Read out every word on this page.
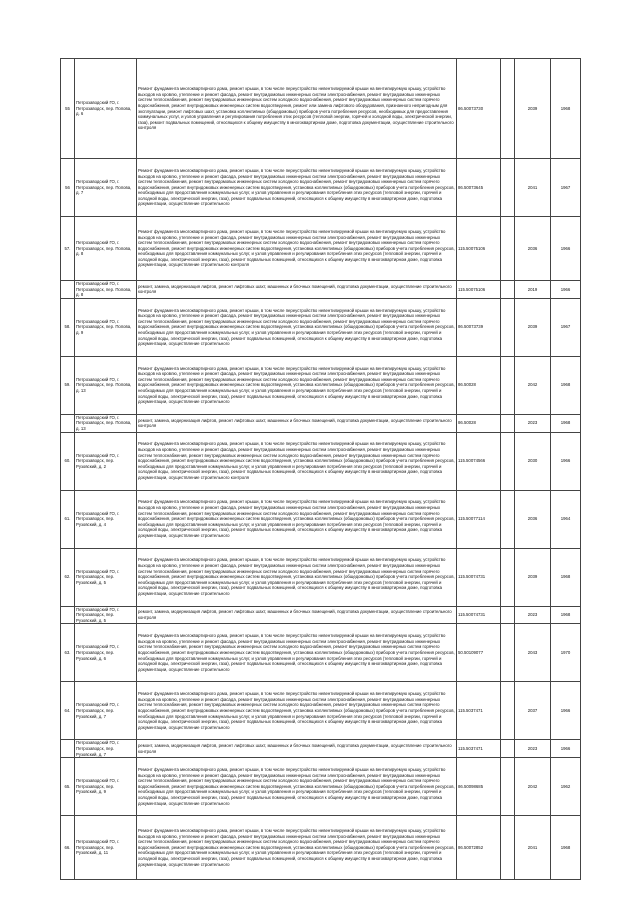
55	Петрозаводский ГО, г. Петрозаводск, пер. Попова, д. 6	Ремонт фундамента многоквартирного дома, ремонт крыши, в том числе переустройство невентилируемой крыши на вентилируемую крышу, устройство выходов на кровлю, утепление и ремонт фасада, ремонт внутридомовых инженерных систем электроснабжения, ремонт внутридомовых инженерных систем теплоснабжения, ремонт внутридомовых инженерных систем холодного водоснабжения, ремонт внутридомовых инженерных систем горячего водоснабжения, ремонт внутридомовых инженерных систем водоотведения, ремонт или замена лифтового оборудования, признанного непригодным для эксплуатации, ремонт лифтовых шахт, установка коллективных (общедомовых) приборов учета потребления ресурсов, необходимых для предоставления коммунальных услуг, и узлов управления и регулирования потребления этих ресурсов (тепловой энергии, горячей и холодной воды, электрической энергии, газа), ремонт подвальных помещений, относящихся к общему имуществу в многоквартирном доме, подготовка документации, осуществление строительного контроля	86.50073730		2039	1968
56	Петрозаводский ГО, г. Петрозаводск, пер. Попова, д. 7	Ремонт фундамента многоквартирного дома, ремонт крыши, в том числе переустройство невентилируемой крыши на вентилируемую крышу, устройство выходов на кровлю, утепление и ремонт фасада, ремонт внутридомовых инженерных систем электроснабжения, ремонт внутридомовых инженерных систем теплоснабжения, ремонт внутридомовых инженерных систем холодного водоснабжения, ремонт внутридомовых инженерных систем горячего водоснабжения, ремонт внутридомовых инженерных систем водоотведения, установка коллективных (общедомовых) приборов учета потребления ресурсов, необходимых для предоставления коммунальных услуг, и узлов управления и регулирования потребления этих ресурсов (тепловой энергии, горячей и холодной воды, электрической энергии, газа), ремонт подвальных помещений, относящихся к общему имуществу в многоквартирном доме, подготовка документации, осуществление строительного	86.50073645		2041	1967
57.	Петрозаводский ГО, г. Петрозаводск, пер. Попова, д. 8	Ремонт фундамента многоквартирного дома, ремонт крыши, в том числе переустройство невентилируемой крыши на вентилируемую крышу, устройство выходов на кровлю, утепление и ремонт фасада, ремонт внутридомовых инженерных систем электроснабжения, ремонт внутридомовых инженерных систем теплоснабжения, ремонт внутридомовых инженерных систем холодного водоснабжения, ремонт внутридомовых инженерных систем горячего водоснабжения, ремонт внутридомовых инженерных систем водоотведения, установка коллективных (общедомовых) приборов учета потребления ресурсов, необходимых для предоставления коммунальных услуг, и узлов управления и регулирования потребления этих ресурсов (тепловой энергии, горячей и холодной воды, электрической энергии, газа), ремонт подвальных помещений, относящихся к общему имуществу в многоквартирном доме, подготовка документации, осуществление строительного контроля	115.50075106		2036	1966
	Петрозаводский ГО, г. Петрозаводск, пер. Попова, д. 8	ремонт, замена, модернизация лифтов, ремонт лифтовых шахт, машинных и блочных помещений, подготовка документации, осуществление строительного контроля	115.50075106		2019	1966
58.	Петрозаводский ГО, г. Петрозаводск, пер. Попова, д. 9	Ремонт фундамента многоквартирного дома, ремонт крыши, в том числе переустройство невентилируемой крыши на вентилируемую крышу, устройство выходов на кровлю, утепление и ремонт фасада, ремонт внутридомовых инженерных систем электроснабжения, ремонт внутридомовых инженерных систем теплоснабжения, ремонт внутридомовых инженерных систем холодного водоснабжения, ремонт внутридомовых инженерных систем горячего водоснабжения, ремонт внутридомовых инженерных систем водоотведения, установка коллективных (общедомовых) приборов учета потребления ресурсов, необходимых для предоставления коммунальных услуг, и узлов управления и регулирования потребления этих ресурсов (тепловой энергии, горячей и холодной воды, электрической энергии, газа), ремонт подвальных помещений, относящихся к общему имуществу в многоквартирном доме, подготовка документации, осуществление строительного	86.50073739		2039	1967
59.	Петрозаводский ГО, г. Петрозаводск, пер. Попова, д. 13	Ремонт фундамента многоквартирного дома, ремонт крыши, в том числе переустройство невентилируемой крыши на вентилируемую крышу, устройство выходов на кровлю, утепление и ремонт фасада, ремонт внутридомовых инженерных систем электроснабжения, ремонт внутридомовых инженерных систем теплоснабжения, ремонт внутридомовых инженерных систем холодного водоснабжения, ремонт внутридомовых инженерных систем горячего водоснабжения, ремонт внутридомовых инженерных систем водоотведения, установка коллективных (общедомовых) приборов учета потребления ресурсов, необходимых для предоставления коммунальных услуг, и узлов управления и регулирования потребления этих ресурсов (тепловой энергии, горячей и холодной воды, электрической энергии, газа), ремонт подвальных помещений, относящихся к общему имуществу в многоквартирном доме, подготовка документации, осуществление строительного	86.50028		2042	1968
	Петрозаводский ГО, г. Петрозаводск, пер. Попова, д. 13	ремонт, замена, модернизация лифтов, ремонт лифтовых шахт, машинных и блочных помещений, подготовка документации, осуществление строительного контроля	86.50028		2023	1968
60.	Петрозаводский ГО, г. Петрозаводск, пер. Рузовский, д. 2	Ремонт фундамента многоквартирного дома, ремонт крыши, в том числе переустройство невентилируемой крыши на вентилируемую крышу, устройство выходов на кровлю, утепление и ремонт фасада, ремонт внутридомовых инженерных систем электроснабжения, ремонт внутридомовых инженерных систем теплоснабжения, ремонт внутридомовых инженерных систем холодного водоснабжения, ремонт внутридомовых инженерных систем горячего водоснабжения, ремонт внутридомовых инженерных систем водоотведения, установка коллективных (общедомовых) приборов учета потребления ресурсов, необходимых для предоставления коммунальных услуг, и узлов управления и регулирования потребления этих ресурсов (тепловой энергии, горячей и холодной воды, электрической энергии, газа), ремонт подвальных помещений, относящихся к общему имуществу в многоквартирном доме, подготовка документации, осуществление строительного контроля	115.50074566		2030	1966
61.	Петрозаводский ГО, г. Петрозаводск, пер. Рузовский, д. 4	Ремонт фундамента многоквартирного дома, ремонт крыши, в том числе переустройство невентилируемой крыши на вентилируемую крышу, устройство выходов на кровлю, утепление и ремонт фасада, ремонт внутридомовых инженерных систем электроснабжения, ремонт внутридомовых инженерных систем теплоснабжения, ремонт внутридомовых инженерных систем холодного водоснабжения, ремонт внутридомовых инженерных систем горячего водоснабжения, ремонт внутридомовых инженерных систем водоотведения, установка коллективных (общедомовых) приборов учета потребления ресурсов, необходимых для предоставления коммунальных услуг, и узлов управления и регулирования потребления этих ресурсов (тепловой энергии, горячей и холодной воды, электрической энергии, газа), ремонт подвальных помещений, относящихся к общему имуществу в многоквартирном доме, подготовка документации, осуществление строительного	115.50077114		2036	1964
62.	Петрозаводский ГО, г. Петрозаводск, пер. Рузовский, д. 5	Ремонт фундамента многоквартирного дома, ремонт крыши, в том числе переустройство невентилируемой крыши на вентилируемую крышу, устройство выходов на кровлю, утепление и ремонт фасада, ремонт внутридомовых инженерных систем электроснабжения, ремонт внутридомовых инженерных систем теплоснабжения, ремонт внутридомовых инженерных систем холодного водоснабжения, ремонт внутридомовых инженерных систем горячего водоснабжения, ремонт внутридомовых инженерных систем водоотведения, установка коллективных (общедомовых) приборов учета потребления ресурсов, необходимых для предоставления коммунальных услуг, и узлов управления и регулирования потребления этих ресурсов (тепловой энергии, горячей и холодной воды, электрической энергии, газа), ремонт подвальных помещений, относящихся к общему имуществу в многоквартирном доме, подготовка документации, осуществление строительного	115.50074731		2039	1968
	Петрозаводский ГО, г. Петрозаводск, пер. Рузовский, д. 5	ремонт, замена, модернизация лифтов, ремонт лифтовых шахт, машинных и блочных помещений, подготовка документации, осуществление строительного контроля	115.50074731		2023	1968
63.	Петрозаводский ГО, г. Петрозаводск, пер. Рузовский, д. 6	Ремонт фундамента многоквартирного дома, ремонт крыши, в том числе переустройство невентилируемой крыши на вентилируемую крышу, устройство выходов на кровлю, утепление и ремонт фасада, ремонт внутридомовых инженерных систем электроснабжения, ремонт внутридомовых инженерных систем теплоснабжения, ремонт внутридомовых инженерных систем холодного водоснабжения, ремонт внутридомовых инженерных систем горячего водоснабжения, ремонт внутридомовых инженерных систем водоотведения, установка коллективных (общедомовых) приборов учета потребления ресурсов, необходимых для предоставления коммунальных услуг, и узлов управления и регулирования потребления этих ресурсов (тепловой энергии, горячей и холодной воды, электрической энергии, газа), ремонт подвальных помещений, относящихся к общему имуществу в многоквартирном доме, подготовка документации, осуществление строительного	50.50109077		2043	1970
64.	Петрозаводский ГО, г. Петрозаводск, пер. Рузовский, д. 7	Ремонт фундамента многоквартирного дома, ремонт крыши, в том числе переустройство невентилируемой крыши на вентилируемую крышу, устройство выходов на кровлю, утепление и ремонт фасада, ремонт внутридомовых инженерных систем электроснабжения, ремонт внутридомовых инженерных систем теплоснабжения, ремонт внутридомовых инженерных систем холодного водоснабжения, ремонт внутридомовых инженерных систем горячего водоснабжения, ремонт внутридомовых инженерных систем водоотведения, установка коллективных (общедомовых) приборов учета потребления ресурсов, необходимых для предоставления коммунальных услуг, и узлов управления и регулирования потребления этих ресурсов (тепловой энергии, горячей и холодной воды, электрической энергии, газа), ремонт подвальных помещений, относящихся к общему имуществу в многоквартирном доме, подготовка документации, осуществление строительного	115.5037471		2037	1966
	Петрозаводский ГО, г. Петрозаводск, пер. Рузовский, д. 7	ремонт, замена, модернизация лифтов, ремонт лифтовых шахт, машинных и блочных помещений, подготовка документации, осуществление строительного контроля	115.5037471		2023	1966
65.	Петрозаводский ГО, г. Петрозаводск, пер. Рузовский, д. 9	Ремонт фундамента многоквартирного дома, ремонт крыши, в том числе переустройство невентилируемой крыши на вентилируемую крышу, устройство выходов на кровлю, утепление и ремонт фасада, ремонт внутридомовых инженерных систем электроснабжения, ремонт внутридомовых инженерных систем теплоснабжения, ремонт внутридомовых инженерных систем холодного водоснабжения, ремонт внутридомовых инженерных систем горячего водоснабжения, ремонт внутридомовых инженерных систем водоотведения, установка коллективных (общедомовых) приборов учета потребления ресурсов, необходимых для предоставления коммунальных услуг, и узлов управления и регулирования потребления этих ресурсов (тепловой энергии, горячей и холодной воды, электрической энергии, газа), ремонт подвальных помещений, относящихся к общему имуществу в многоквартирном доме, подготовка документации, осуществление строительного	86.50098685		2042	1962
66.	Петрозаводский ГО, г. Петрозаводск, пер. Рузовский, д. 11	Ремонт фундамента многоквартирного дома, ремонт крыши, в том числе переустройство невентилируемой крыши на вентилируемую крышу, устройство выходов на кровлю, утепление и ремонт фасада, ремонт внутридомовых инженерных систем электроснабжения, ремонт внутридомовых инженерных систем теплоснабжения, ремонт внутридомовых инженерных систем холодного водоснабжения, ремонт внутридомовых инженерных систем горячего водоснабжения, ремонт внутридомовых инженерных систем водоотведения, установка коллективных (общедомовых) приборов учета потребления ресурсов, необходимых для предоставления коммунальных услуг, и узлов управления и регулирования потребления этих ресурсов (тепловой энергии, горячей и холодной воды, электрической энергии, газа), ремонт подвальных помещений, относящихся к общему имуществу в многоквартирном доме, подготовка документации, осуществление строительного	86.50072852		2041	1968
